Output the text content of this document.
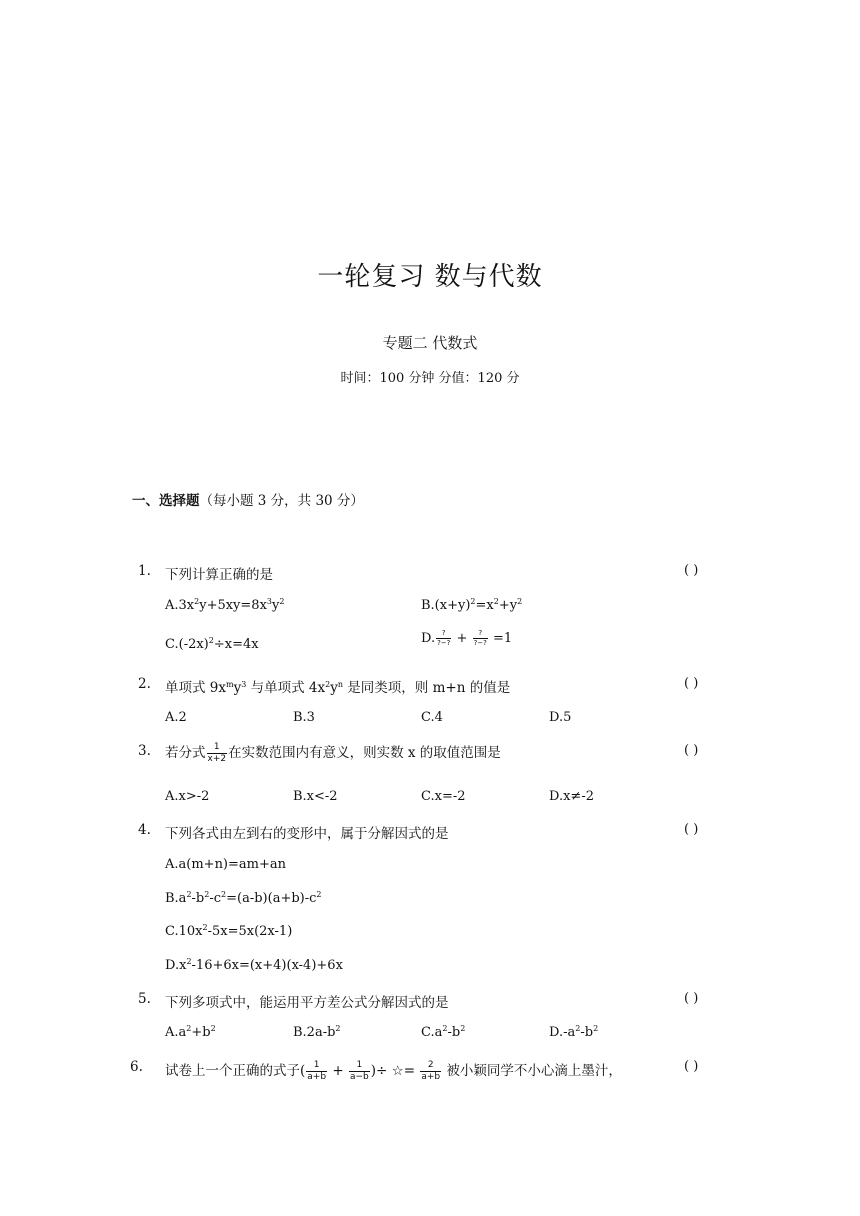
一轮复习 数与代数
专题二 代数式
时间：100 分钟 分值：120 分
一、选择题（每小题 3 分，共 30 分）
1. 下列计算正确的是	( )
$A.3x^2y+5xy=8x^3y^2$	$B.(x+y)^2=x^2+y^2$
$C.(-2x)^2\div x=4x$	D. $\frac{?}{?-?} + \frac{?}{?-?} =1$
2. 单项式 $9x^my^3$ 与单项式 $4x^2y^n$ 是同类项，则 m+n 的值是	( )
A.2	B.3	C.4	D.5
3. 若分式 $\frac{1}{x+2}$ 在实数范围内有意义，则实数 x 的取值范围是	( )
A.x>-2	B.x<-2	C.x=-2	D.x≠-2
4. 下列各式由左到右的变形中，属于分解因式的是	( )
A.a(m+n)=am+an
$B.a^2-b^2-c^2=(a-b)(a+b)-c^2$
$C.10x^2-5x=5x(2x-1)$
$D.x^2-16+6x=(x+4)(x-4)+6x$
5. 下列多项式中，能运用平方差公式分解因式的是	( )
$A.a^2+b^2$	$B.2a-b^2$	$C.a^2-b^2$	$D.-a^2-b^2$
6. 试卷上一个正确的式子( $\frac{1}{a+b} + \frac{1}{a-b}$ )÷ ☆= $\frac{2}{a+b}$ 被小颖同学不小心滴上墨汁，	( )
